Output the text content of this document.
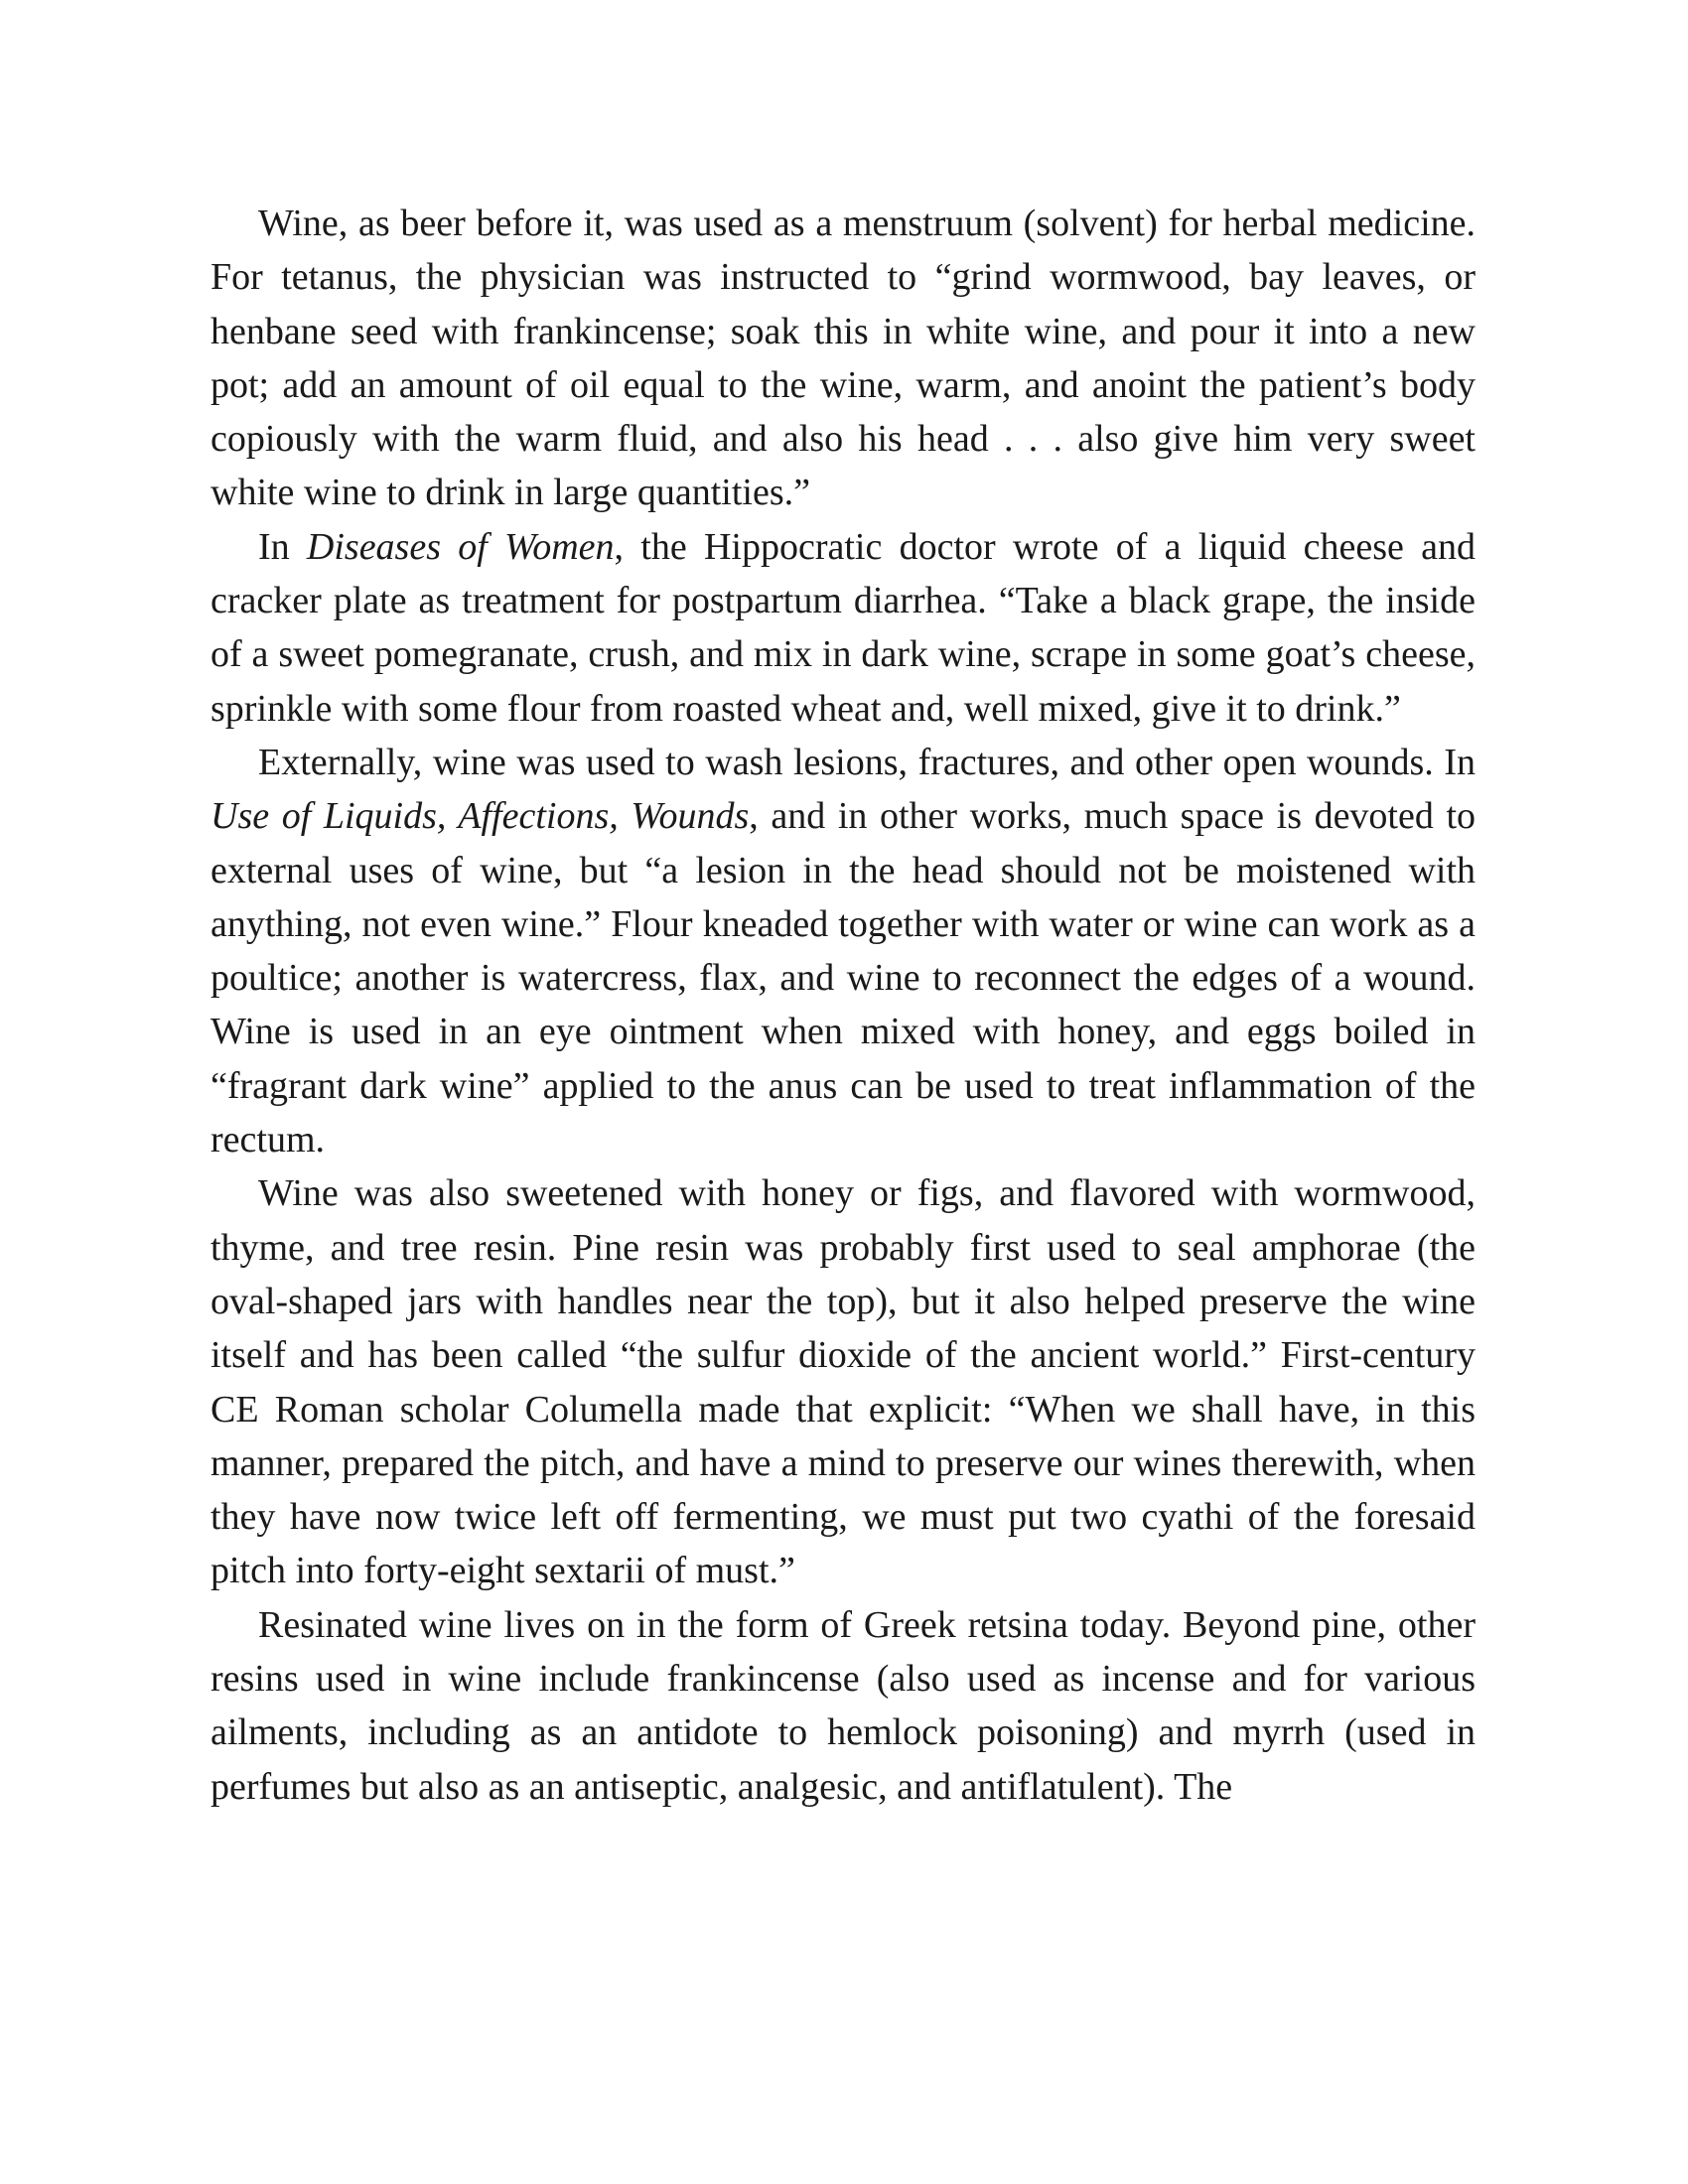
Wine, as beer before it, was used as a menstruum (solvent) for herbal medicine. For tetanus, the physician was instructed to “grind wormwood, bay leaves, or henbane seed with frankincense; soak this in white wine, and pour it into a new pot; add an amount of oil equal to the wine, warm, and anoint the patient’s body copiously with the warm fluid, and also his head . . . also give him very sweet white wine to drink in large quantities.”

In Diseases of Women, the Hippocratic doctor wrote of a liquid cheese and cracker plate as treatment for postpartum diarrhea. “Take a black grape, the inside of a sweet pomegranate, crush, and mix in dark wine, scrape in some goat’s cheese, sprinkle with some flour from roasted wheat and, well mixed, give it to drink.”

Externally, wine was used to wash lesions, fractures, and other open wounds. In Use of Liquids, Affections, Wounds, and in other works, much space is devoted to external uses of wine, but “a lesion in the head should not be moistened with anything, not even wine.” Flour kneaded together with water or wine can work as a poultice; another is watercress, flax, and wine to reconnect the edges of a wound. Wine is used in an eye ointment when mixed with honey, and eggs boiled in “fragrant dark wine” applied to the anus can be used to treat inflammation of the rectum.

Wine was also sweetened with honey or figs, and flavored with wormwood, thyme, and tree resin. Pine resin was probably first used to seal amphorae (the oval-shaped jars with handles near the top), but it also helped preserve the wine itself and has been called “the sulfur dioxide of the ancient world.” First-century CE Roman scholar Columella made that explicit: “When we shall have, in this manner, prepared the pitch, and have a mind to preserve our wines therewith, when they have now twice left off fermenting, we must put two cyathi of the foresaid pitch into forty-eight sextarii of must.”

Resinated wine lives on in the form of Greek retsina today. Beyond pine, other resins used in wine include frankincense (also used as incense and for various ailments, including as an antidote to hemlock poisoning) and myrrh (used in perfumes but also as an antiseptic, analgesic, and antiflatulent). The
